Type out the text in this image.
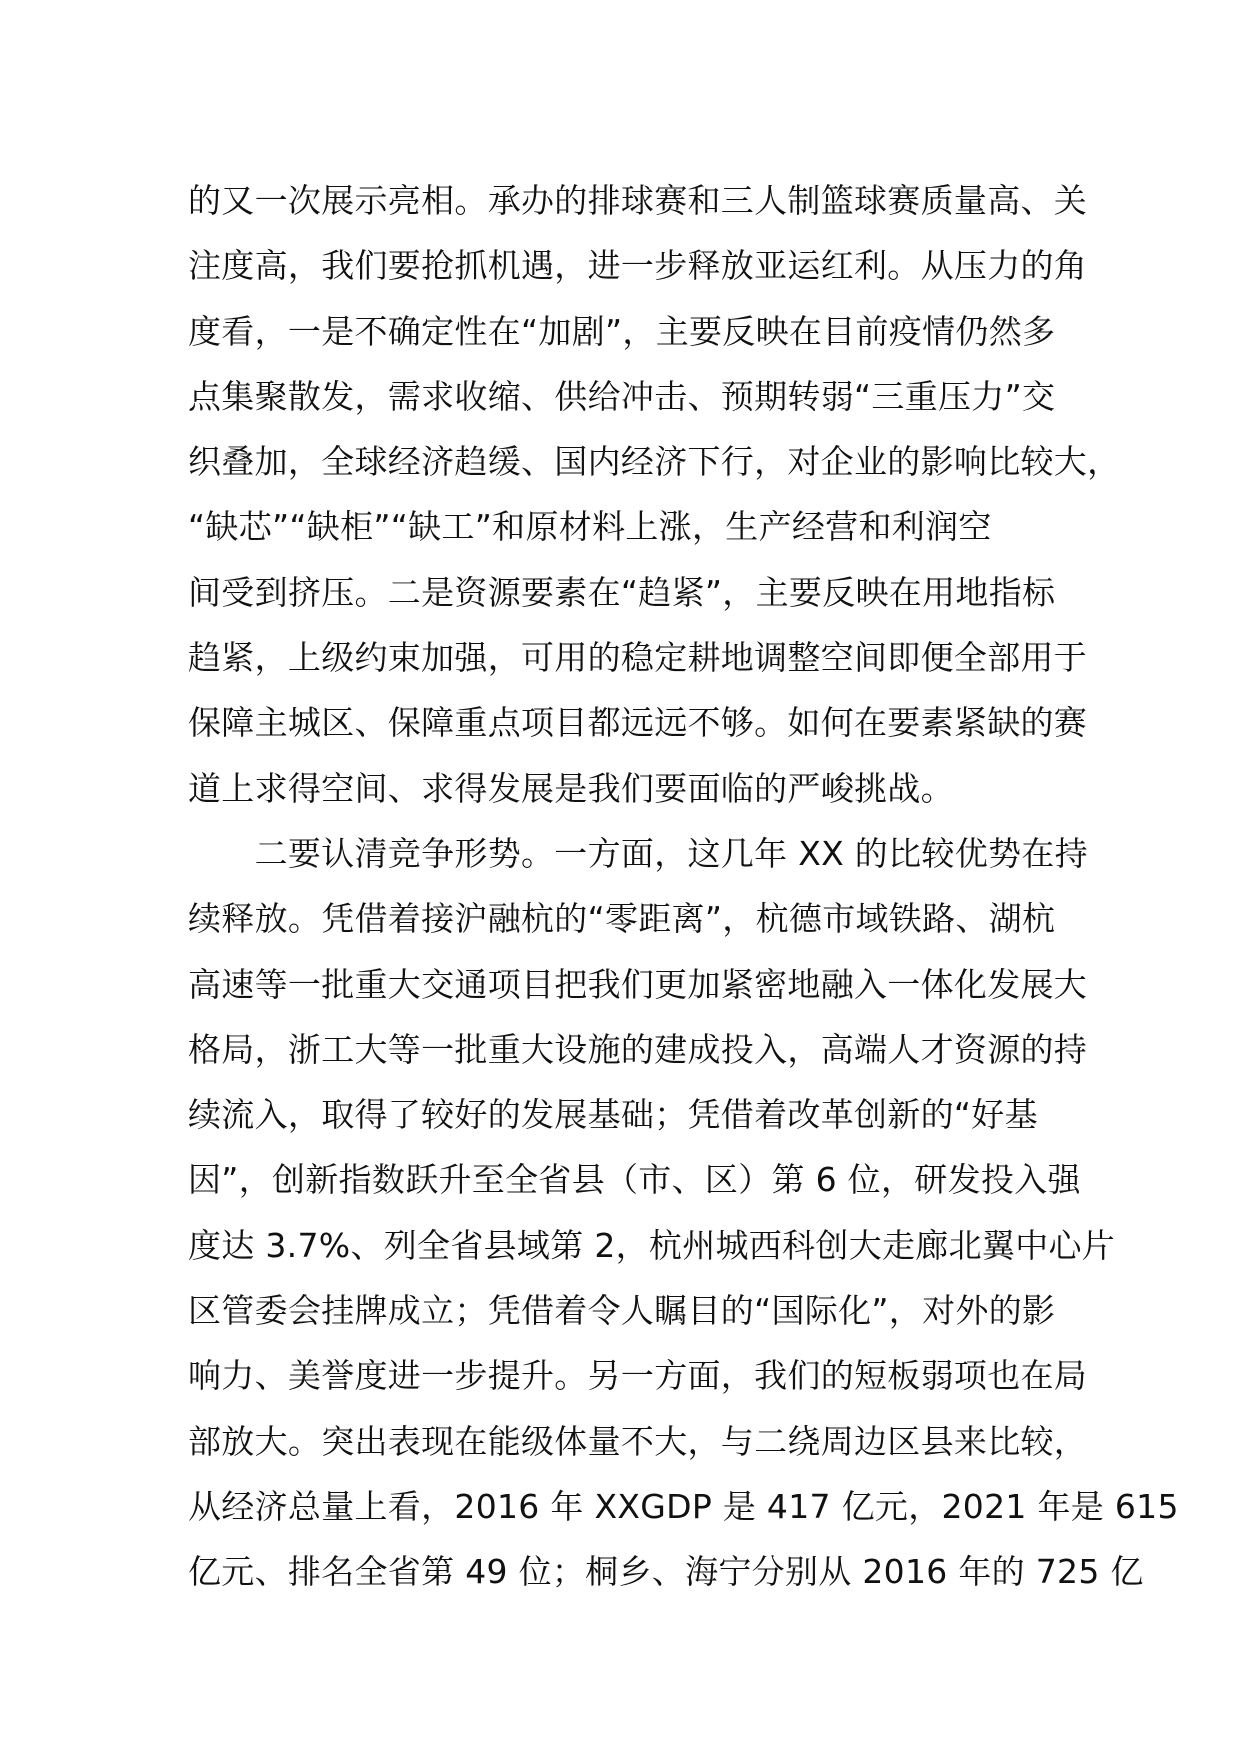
的又一次展示亮相。承办的排球赛和三人制篮球赛质量高、关
注度高，我们要抢抓机遇，进一步释放亚运红利。从压力的角
度看，一是不确定性在“加剧”，主要反映在目前疫情仍然多
点集聚散发，需求收缩、供给冲击、预期转弱“三重压力”交
织叠加，全球经济趋缓、国内经济下行，对企业的影响比较大，
“缺芯”“缺柜”“缺工”和原材料上涨，生产经营和利润空
间受到挤压。二是资源要素在“趋紧”，主要反映在用地指标
趋紧，上级约束加强，可用的稳定耕地调整空间即便全部用于
保障主城区、保障重点项目都远远不够。如何在要素紧缺的赛
道上求得空间、求得发展是我们要面临的严峻挑战。
　　二要认清竞争形势。一方面，这几年 XX 的比较优势在持
续释放。凭借着接沪融杭的“零距离”，杭德市域铁路、湖杭
高速等一批重大交通项目把我们更加紧密地融入一体化发展大
格局，浙工大等一批重大设施的建成投入，高端人才资源的持
续流入，取得了较好的发展基础；凭借着改革创新的“好基
因”，创新指数跃升至全省县（市、区）第 6 位，研发投入强
度达 3.7%、列全省县域第 2，杭州城西科创大走廊北翼中心片
区管委会挂牌成立；凭借着令人瞩目的“国际化”，对外的影
响力、美誉度进一步提升。另一方面，我们的短板弱项也在局
部放大。突出表现在能级体量不大，与二绕周边区县来比较，
从经济总量上看，2016 年 XXGDP 是 417 亿元，2021 年是 615
亿元、排名全省第 49 位；桐乡、海宁分别从 2016 年的 725 亿
